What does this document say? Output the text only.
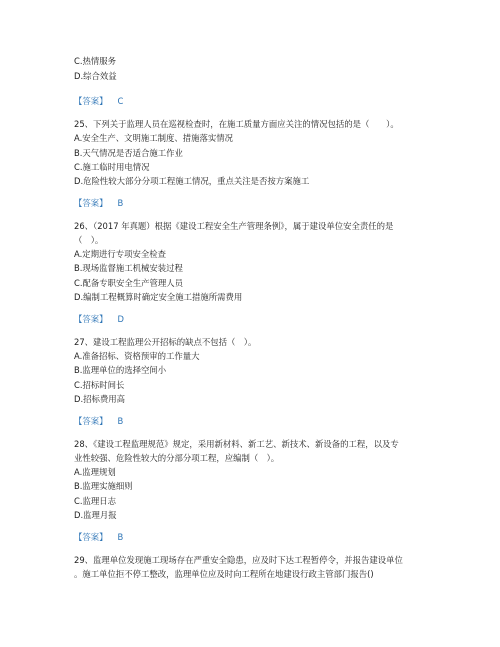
C.热情服务
D.综合效益
【答案】 C
25、下列关于监理人员在巡视检查时，在施工质量方面应关注的情况包括的是（　　）。
A.安全生产、文明施工制度、措施落实情况
B.天气情况是否适合施工作业
C.施工临时用电情况
D.危险性较大部分分项工程施工情况，重点关注是否按方案施工
【答案】 B
26、（2017 年真题）根据《建设工程安全生产管理条例》，属于建设单位安全责任的是
（　）。
A.定期进行专项安全检查
B.现场监督施工机械安装过程
C.配备专职安全生产管理人员
D.编制工程概算时确定安全施工措施所需费用
【答案】 D
27、建设工程监理公开招标的缺点不包括（　）。
A.准备招标、资格预审的工作量大
B.监理单位的选择空间小
C.招标时间长
D.招标费用高
【答案】 B
28、《建设工程监理规范》规定，采用新材料、新工艺、新技术、新设备的工程，以及专
业性较强、危险性较大的分部分项工程，应编制（　）。
A.监理规划
B.监理实施细则
C.监理日志
D.监理月报
【答案】 B
29、监理单位发现施工现场存在严重安全隐患，应及时下达工程暂停令，并报告建设单位
。施工单位拒不停工整改，监理单位应及时向工程所在地建设行政主管部门报告()
